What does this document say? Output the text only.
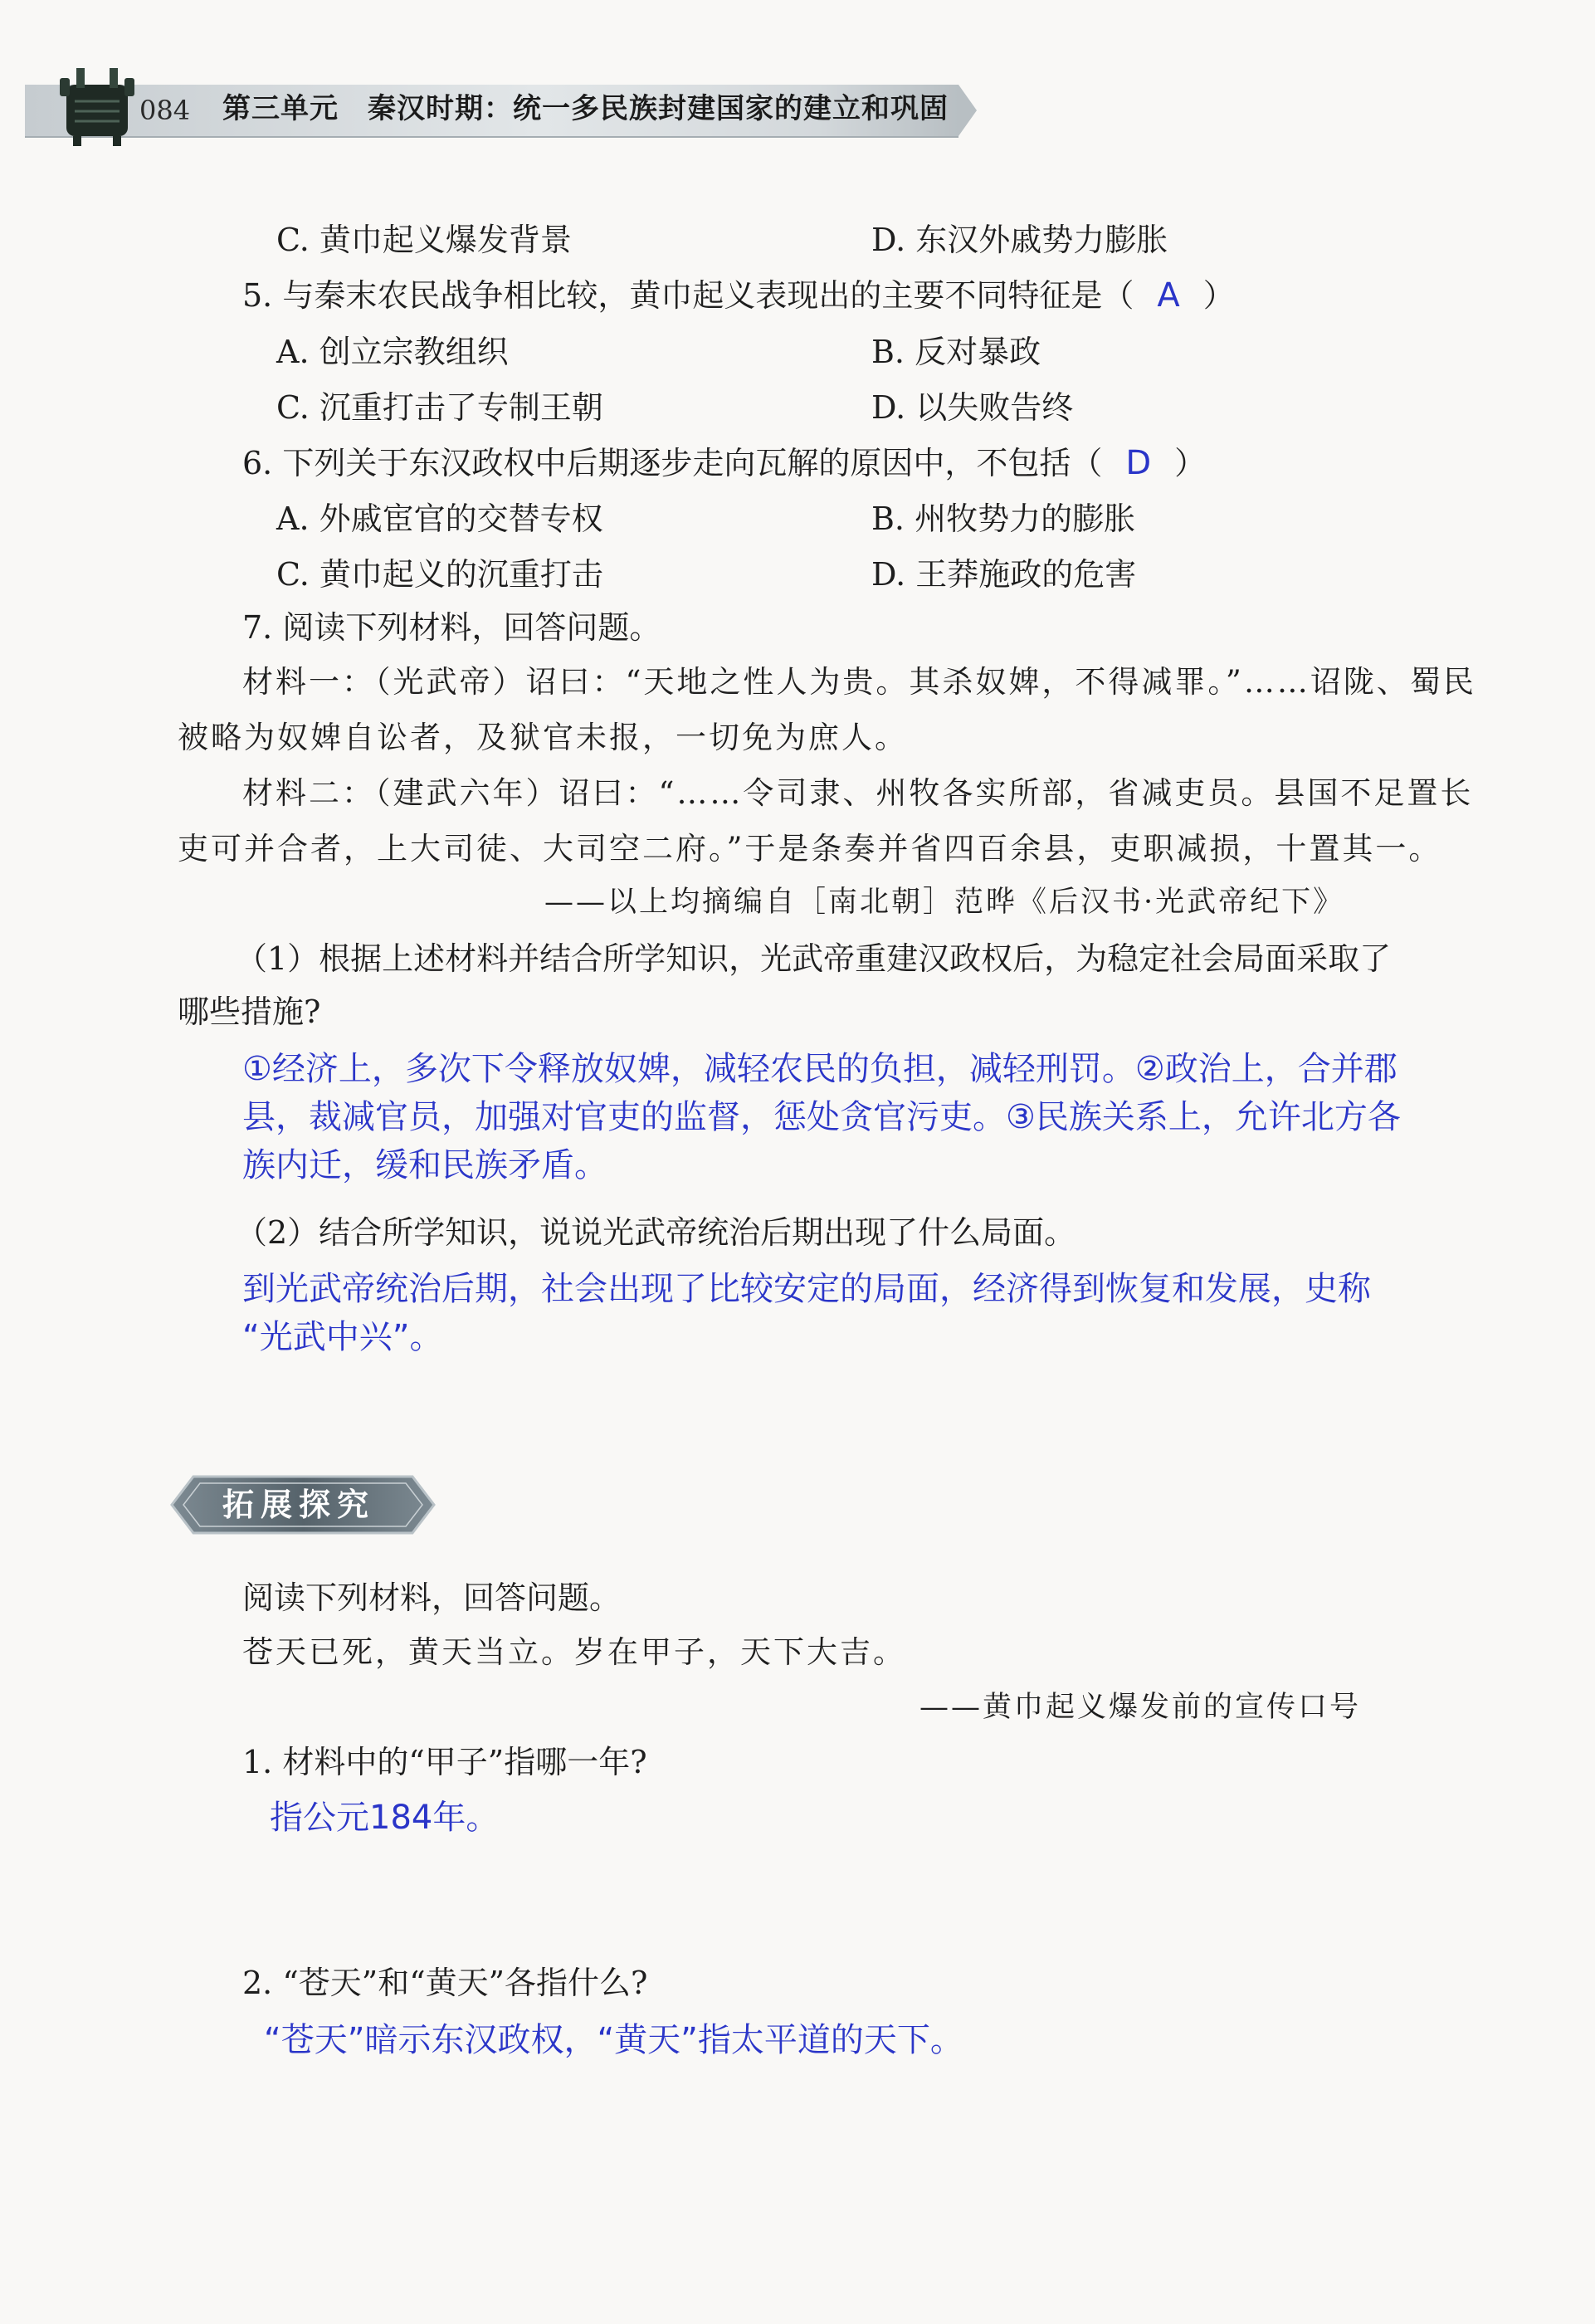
084 第三单元　秦汉时期：统一多民族封建国家的建立和巩固
C. 黄巾起义爆发背景	D. 东汉外戚势力膨胀
5. 与秦末农民战争相比较，黄巾起义表现出的主要不同特征是（ A ）
A. 创立宗教组织	B. 反对暴政
C. 沉重打击了专制王朝	D. 以失败告终
6. 下列关于东汉政权中后期逐步走向瓦解的原因中，不包括（ D ）
A. 外戚宦官的交替专权	B. 州牧势力的膨胀
C. 黄巾起义的沉重打击	D. 王莽施政的危害
7. 阅读下列材料，回答问题。
材料一：（光武帝）诏曰：“天地之性人为贵。其杀奴婢，不得减罪。”……诏陇、蜀民
被略为奴婢自讼者，及狱官未报，一切免为庶人。
材料二：（建武六年）诏曰：“……令司隶、州牧各实所部，省减吏员。县国不足置长
吏可并合者，上大司徒、大司空二府。”于是条奏并省四百余县，吏职减损，十置其一。
——以上均摘编自［南北朝］范晔《后汉书·光武帝纪下》
（1）根据上述材料并结合所学知识，光武帝重建汉政权后，为稳定社会局面采取了
哪些措施?
①经济上，多次下令释放奴婢，减轻农民的负担，减轻刑罚。②政治上，合并郡
县，裁减官员，加强对官吏的监督，惩处贪官污吏。③民族关系上，允许北方各
族内迁，缓和民族矛盾。
（2）结合所学知识，说说光武帝统治后期出现了什么局面。
到光武帝统治后期，社会出现了比较安定的局面，经济得到恢复和发展，史称
“光武中兴”。
拓展探究
阅读下列材料，回答问题。
苍天已死，黄天当立。岁在甲子，天下大吉。
——黄巾起义爆发前的宣传口号
1. 材料中的“甲子”指哪一年?
指公元184年。
2. “苍天”和“黄天”各指什么?
“苍天”暗示东汉政权，“黄天”指太平道的天下。
